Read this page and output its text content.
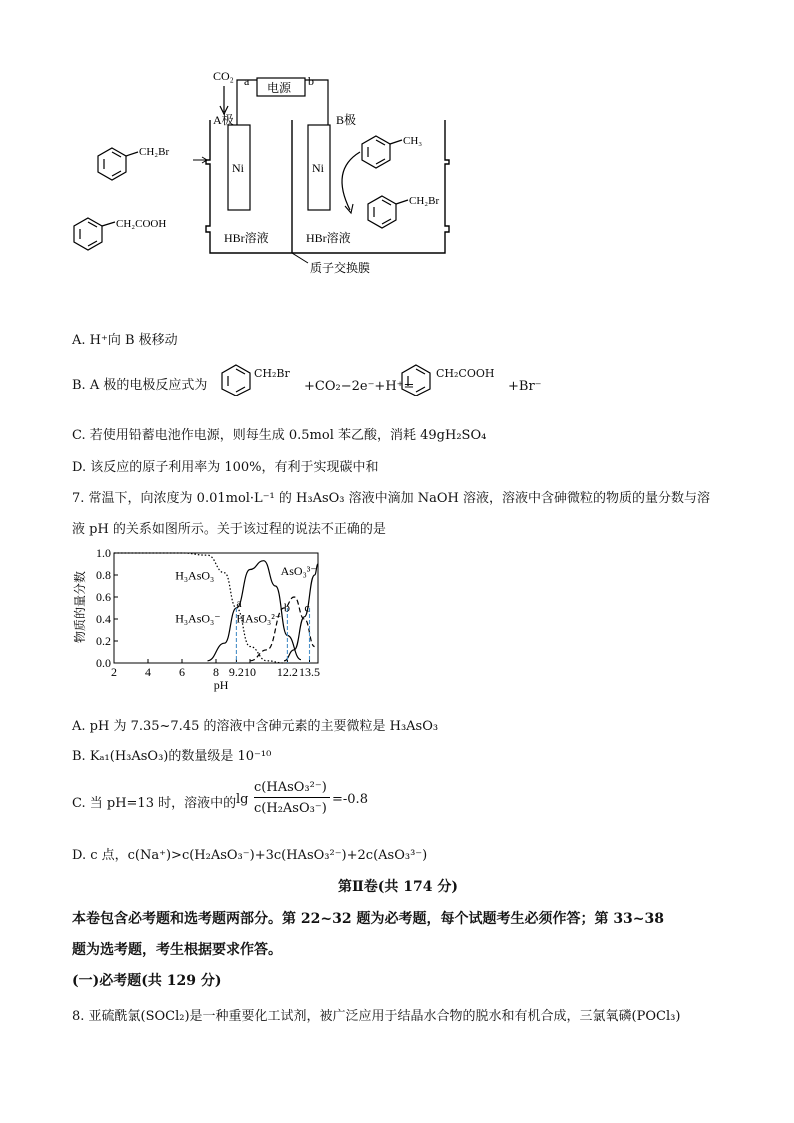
CO₂ a	b
电源
A极	B极
Ni	Ni
CH₂Br
CH₂COOH
CH₃
CH₂Br
HBr溶液	HBr溶液
质子交换膜
A. H⁺向 B 极移动
B. A 极的电极反应式为
CH₂Br
+CO₂−2e⁻+H⁺=
CH₂COOH
+Br⁻
C. 若使用铅蓄电池作电源，则每生成 0.5mol 苯乙酸，消耗 49gH₂SO₄
D. 该反应的原子利用率为 100%，有利于实现碳中和
7. 常温下，向浓度为 0.01mol·L⁻¹ 的 H₃AsO₃ 溶液中滴加 NaOH 溶液，溶液中含砷微粒的物质的量分数与溶
液 pH 的关系如图所示。关于该过程的说法不正确的是
物质的量分数
0.0
0.2
0.4
0.6
0.8
1.0
2 4 6 8 9.2 10 12.2 13.5
pH
H₃AsO₃
H₃AsO₃⁻ HAsO₃²⁻
AsO₃³⁻
a	b c
A. pH 为 7.35~7.45 的溶液中含砷元素的主要微粒是 H₃AsO₃
B. Kₐ₁(H₃AsO₃)的数量级是 10⁻¹⁰
C. 当 pH=13 时，溶液中的 lg
c(HAsO₃²⁻)
c(H₂AsO₃⁻)
=-0.8
D. c 点，c(Na⁺)>c(H₂AsO₃⁻)+3c(HAsO₃²⁻)+2c(AsO₃³⁻)
第Ⅱ卷(共 174 分)
本卷包含必考题和选考题两部分。第 22~32 题为必考题，每个试题考生必须作答；第 33~38
题为选考题，考生根据要求作答。
(一)必考题(共 129 分)
8. 亚硫酰氯(SOCl₂)是一种重要化工试剂，被广泛应用于结晶水合物的脱水和有机合成，三氯氧磷(POCl₃)
